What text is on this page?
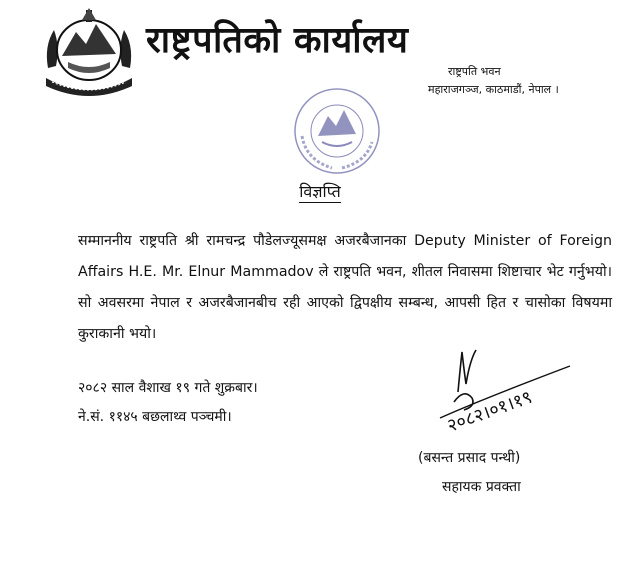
राष्ट्रपतिको कार्यालय
राष्ट्रपति भवन
महाराजगञ्ज, काठमाडौं, नेपाल ।
विज्ञप्ति

सम्माननीय राष्ट्रपति श्री रामचन्द्र पौडेलज्यूसमक्ष अजरबैजानका Deputy Minister of Foreign Affairs H.E. Mr. Elnur Mammadov ले राष्ट्रपति भवन, शीतल निवासमा शिष्टाचार भेट गर्नुभयो। सो अवसरमा नेपाल र अजरबैजानबीच रही आएको द्विपक्षीय सम्बन्ध, आपसी हित र चासोका विषयमा कुराकानी भयो।

२०८२ साल वैशाख १९ गते शुक्रबार।
ने.सं. ११४५ बछलाथ्व पञ्चमी।	२०८२।०१।१९
(बसन्त प्रसाद पन्थी)
सहायक प्रवक्ता
